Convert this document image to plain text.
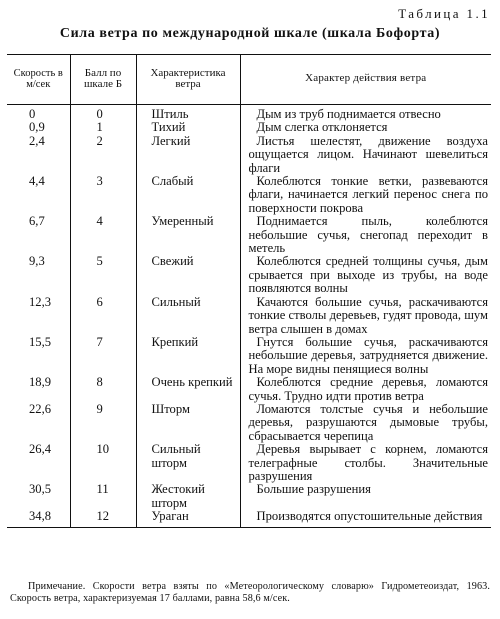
Таблица 1.1
Сила ветра по международной шкале (шкала Бофорта)
Скорость в м/сек	Балл по шкале Б	Характеристика ветра	Характер действия ветра
0	0	Штиль	Дым из труб поднимается отвесно

0,9	1	Тихий	Дым слегка отклоняется

2,4	2	Легкий	Листья шелестят, движение воздуха ощущается лицом. Начинают шевелиться флаги

4,4	3	Слабый	Колеблются тонкие ветки, развеваются флаги, начинается легкий перенос снега по поверхности покрова

6,7	4	Умеренный	Поднимается пыль, колеблются небольшие сучья, снегопад переходит в метель

9,3	5	Свежий	Колеблются средней толщины сучья, дым срывается при выходе из трубы, на воде появляются волны

12,3	6	Сильный	Качаются большие сучья, раскачиваются тонкие стволы деревьев, гудят провода, шум ветра слышен в домах

15,5	7	Крепкий	Гнутся большие сучья, раскачиваются небольшие деревья, затрудняется движение. На море видны пенящиеся волны

18,9	8	Очень крепкий	Колеблются средние деревья, ломаются сучья. Трудно идти против ветра

22,6	9	Шторм	Ломаются толстые сучья и небольшие деревья, разрушаются дымовые трубы, сбрасывается черепица

26,4	10	Сильный шторм	Деревья вырывает с корнем, ломаются телеграфные столбы. Значительные разрушения

30,5	11	Жестокий шторм	Большие разрушения

34,8	12	Ураган	Производятся опустошительные действия
Примечание. Скорости ветра взяты по «Метеорологическому словарю» Гидрометеоиздат, 1963. Скорость ветра, характеризуемая 17 баллами, равна 58,6 м/сек.
